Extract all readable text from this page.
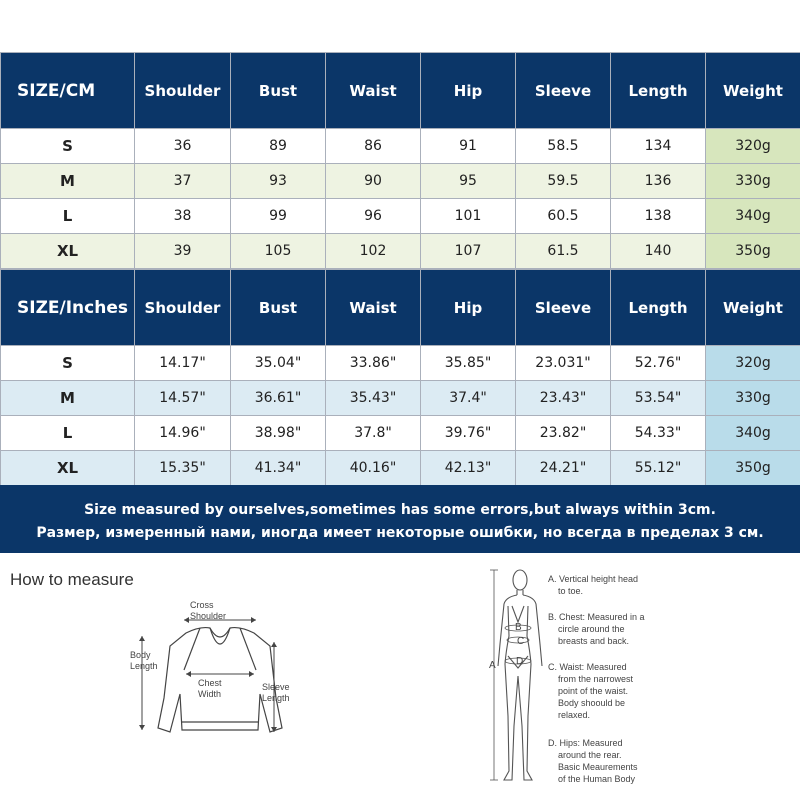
SIZE/CM	Shoulder	Bust	Waist	Hip	Sleeve	Length	Weight
S	36	89	86	91	58.5	134	320g
M	37	93	90	95	59.5	136	330g
L	38	99	96	101	60.5	138	340g
XL	39	105	102	107	61.5	140	350g
SIZE/Inches	Shoulder	Bust	Waist	Hip	Sleeve	Length	Weight
S	14.17"	35.04"	33.86"	35.85"	23.031"	52.76"	320g
M	14.57"	36.61"	35.43"	37.4"	23.43"	53.54"	330g
L	14.96"	38.98"	37.8"	39.76"	23.82"	54.33"	340g
XL	15.35"	41.34"	40.16"	42.13"	24.21"	55.12"	350g
Size measured by ourselves,sometimes has some errors,but always within 3cm.
Размер, измеренный нами, иногда имеет некоторые ошибки, но всегда в пределах 3 см.
How to measure
Cross
Shoulder
Body
Length
Chest
Width
Sleeve
Length
A
B
C
D
A. Vertical height head
to toe.
B. Chest: Measured in a
circle around the
breasts and back.
C. Waist: Measured
from the narrowest
point of the waist.
Body shoould be
relaxed.
D. Hips: Measured
around the rear.
Basic Meaurements
of the Human Body
